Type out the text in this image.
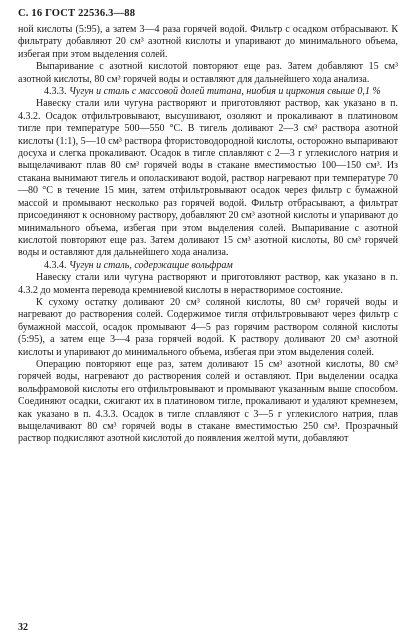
С. 16 ГОСТ 22536.3—88

ной кислоты (5:95), а затем 3—4 раза горячей водой. Фильтр с осадком отбрасывают. К фильтрату добавляют 20 см³ азотной кислоты и упаривают до минимального объема, избегая при этом выделения солей.

Выпаривание с азотной кислотой повторяют еще раз. Затем добавляют 15 см³ азотной кислоты, 80 см³ горячей воды и оставляют для дальнейшего хода анализа.

4.3.3. Чугун и сталь с массовой долей титана, ниобия и циркония свыше 0,1 %

Навеску стали или чугуна растворяют и приготовляют раствор, как указано в п. 4.3.2. Осадок отфильтровывают, высушивают, озоляют и прокаливают в платиновом тигле при температуре 500—550 °С. В тигель доливают 2—3 см³ раствора азотной кислоты (1:1), 5—10 см³ раствора фтористоводородной кислоты, осторожно выпаривают досуха и слегка прокаливают. Осадок в тигле сплавляют с 2—3 г углекислого натрия и выщелачивают плав 80 см³ горячей воды в стакане вместимостью 100—150 см³. Из стакана вынимают тигель и ополаскивают водой, раствор нагревают при температуре 70—80 °С в течение 15 мин, затем отфильтровывают осадок через фильтр с бумажной массой и промывают несколько раз горячей водой. Фильтр отбрасывают, а фильтрат присоединяют к основному раствору, добавляют 20 см³ азотной кислоты и упаривают до минимального объема, избегая при этом выделения солей. Выпаривание с азотной кислотой повторяют еще раз. Затем доливают 15 см³ азотной кислоты, 80 см³ горячей воды и оставляют для дальнейшего хода анализа.

4.3.4. Чугун и сталь, содержащие вольфрам

Навеску стали или чугуна растворяют и приготовляют раствор, как указано в п. 4.3.2 до момента перевода кремниевой кислоты в нерастворимое состояние.

К сухому остатку доливают 20 см³ соляной кислоты, 80 см³ горячей воды и нагревают до растворения солей. Содержимое тигля отфильтровывают через фильтр с бумажной массой, осадок промывают 4—5 раз горячим раствором соляной кислоты (5:95), а затем еще 3—4 раза горячей водой. К раствору доливают 20 см³ азотной кислоты и упаривают до минимального объема, избегая при этом выделения солей.

Операцию повторяют еще раз, затем доливают 15 см³ азотной кислоты, 80 см³ горячей воды, нагревают до растворения солей и оставляют. При выделении осадка вольфрамовой кислоты его отфильтровывают и промывают указанным выше способом. Соединяют осадки, сжигают их в платиновом тигле, прокаливают и удаляют кремнезем, как указано в п. 4.3.3. Осадок в тигле сплавляют с 3—5 г углекислого натрия, плав выщелачивают 80 см³ горячей воды в стакане вместимостью 250 см³. Прозрачный раствор подкисляют азотной кислотой до появления желтой мути, добавляют

32
